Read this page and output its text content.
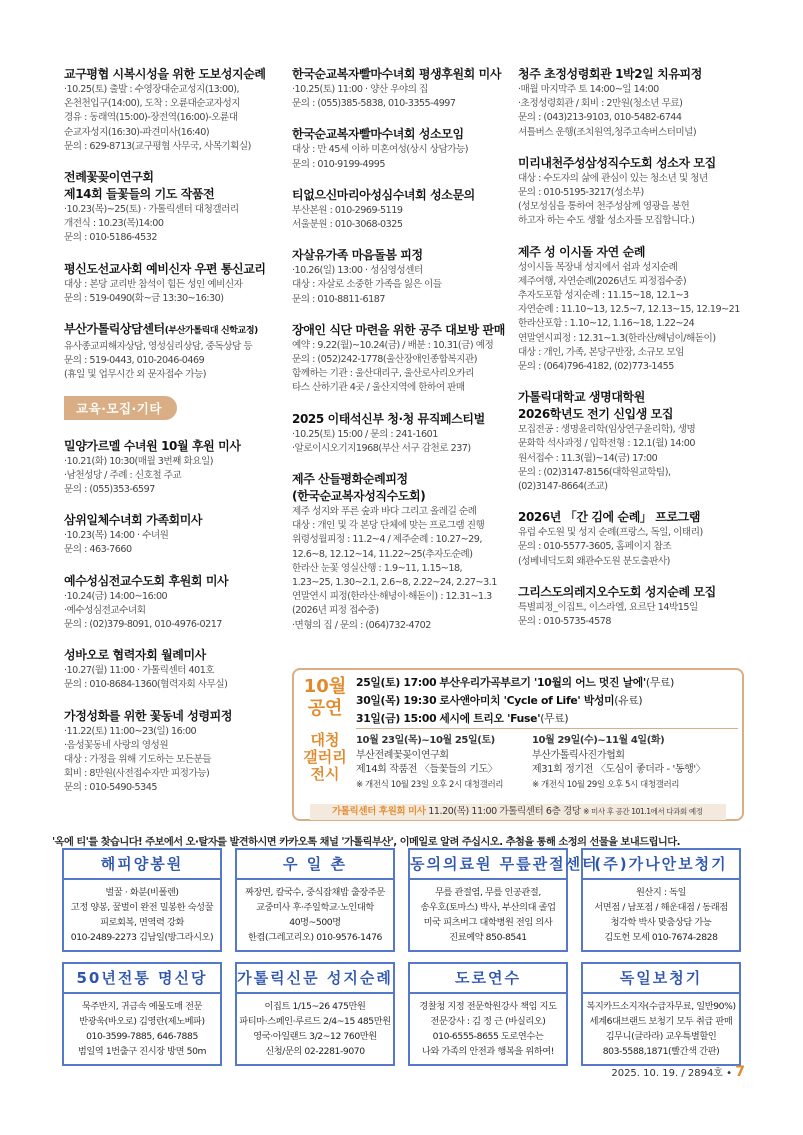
교구평협 시복시성을 위한 도보성지순례
·10.25(토) 출발 : 수영장대순교성지(13:00),
온천천입구(14:00), 도착 : 오륜대순교자성지
경유 : 동래역(15:00)-장전역(16:00)-오륜대
순교자성지(16:30)-파견미사(16:40)
문의 : 629-8713(교구평협 사무국, 사목기획실)
전례꽃꽂이연구회
제14회 들꽃들의 기도 작품전
·10.23(목)~25(토) · 가톨릭센터 대청갤러리
개전식 : 10.23(목)14:00
문의 : 010-5186-4532
평신도선교사회 예비신자 우편 통신교리
대상 : 본당 교리반 참석이 힘든 성인 예비신자
문의 : 519-0490(화~금 13:30~16:30)
부산가톨릭상담센터(부산가톨릭대 신학교정)
유사종교피해자상담, 영성심리상담, 중독상담 등
문의 : 519-0443, 010-2046-0469
(휴일 및 업무시간 외 문자접수 가능)
교육·모집·기타
밀양가르멜 수녀원 10월 후원 미사
·10.21(화) 10:30(매월 3번째 화요일)
·남천성당 / 주례 : 신호철 주교
문의 : (055)353-6597
삼위일체수녀회 가족회미사
·10.23(목) 14:00 · 수녀원
문의 : 463-7660
예수성심전교수도회 후원회 미사
·10.24(금) 14:00~16:00
·예수성심전교수녀회
문의 : (02)379-8091, 010-4976-0217
성바오로 협력자회 월례미사
·10.27(월) 11:00 · 가톨릭센터 401호
문의 : 010-8684-1360(협력자회 사무실)
가정성화를 위한 꽃동네 성령피정
·11.22(토) 11:00~23(일) 16:00
·음성꽃동네 사랑의 영성원
대상 : 가정을 위해 기도하는 모든분들
회비 : 8만원(사전접수자만 피정가능)
문의 : 010-5490-5345
한국순교복자빨마수녀회 평생후원회 미사
·10.25(토) 11:00 · 양산 우야의 집
문의 : (055)385-5838, 010-3355-4997
한국순교복자빨마수녀회 성소모임
대상 : 만 45세 이하 미혼여성(상시 상담가능)
문의 : 010-9199-4995
티없으신마리아성심수녀회 성소문의
부산본원 : 010-2969-5119
서울분원 : 010-3068-0325
자살유가족 마음돌봄 피정
·10.26(일) 13:00 · 성심영성센터
대상 : 자살로 소중한 가족을 잃은 이들
문의 : 010-8811-6187
장애인 식단 마련을 위한 공주 대보방 판매
예약 : 9.22(월)~10.24(금) / 배분 : 10.31(금) 예정
문의 : (052)242-1778(울산장애인종합복지관)
함께하는 기관 : 울산대리구, 울산로사리오카리
타스 산하기관 4곳 / 울산지역에 한하여 판매
2025 이태석신부 청·청 뮤직페스티벌
·10.25(토) 15:00 / 문의 : 241-1601
·알로이시오기지1968(부산 서구 감천로 237)
제주 산들평화순례피정
(한국순교복자성직수도회)
제주 성지와 푸른 숲과 바다 그리고 올레길 순례
대상 : 개인 및 각 본당 단체에 맞는 프로그램 진행
위령성월피정 : 11.2~4 / 제주순례 : 10.27~29,
12.6~8, 12.12~14, 11.22~25(추자도순례)
한라산 눈꽃 영실산행 : 1.9~11, 1.15~18,
1.23~25, 1.30~2.1, 2.6~8, 2.22~24, 2.27~3.1
연말연시 피정(한라산·해녕이·해돋이) : 12.31~1.3
(2026년 피정 접수중)
·면형의 집 / 문의 : (064)732-4702
청주 초정성령회관 1박2일 치유피정
·매월 마지막주 토 14:00~일 14:00
·초정성령회관 / 회비 : 2만원(청소년 무료)
문의 : (043)213-9103, 010-5482-6744
셔틀버스 운행(조치원역,청주고속버스터미널)
미리내천주성삼성직수도회 성소자 모집
대상 : 수도자의 삶에 관심이 있는 청소년 및 청년
문의 : 010-5195-3217(성소부)
(성모성심을 통하여 천주성삼께 영광을 봉헌
하고자 하는 수도 생활 성소자를 모집합니다.)
제주 성 이시돌 자연 순례
성이시돌 목장내 성지에서 쉼과 성지순례
제주여행, 자연순례(2026년도 피정접수중)
추자도포함 성지순례 : 11.15~18, 12.1~3
자연순례 : 11.10~13, 12.5~7, 12.13~15, 12.19~21
한라산포함 : 1.10~12, 1.16~18, 1.22~24
연말연시피정 : 12.31~1.3(한라산/해넘이/해돋이)
대상 : 개인, 가족, 본당구반장, 소규모 모임
문의 : (064)796-4182, (02)773-1455
가톨릭대학교 생명대학원
2026학년도 전기 신입생 모집
모집전공 : 생명윤리학(임상연구윤리학), 생명
문화학 석사과정 / 입학전형 : 12.1(월) 14:00
원서접수 : 11.3(월)~14(금) 17:00
문의 : (02)3147-8156(대학원교학팀),
(02)3147-8664(조교)
2026년 「간 김에 순례」 프로그램
유럽 수도원 및 성지 순례(프랑스, 독일, 이태리)
문의 : 010-5577-3605, 홈페이지 참조
(성베네딕도회 왜관수도원 분도출판사)
그리스도의레지오수도회 성지순례 모집
특별피정_이집트, 이스라엘, 요르단 14박15일
문의 : 010-5735-4578
10월 공연
25일(토) 17:00 부산우리가곡부르기 '10월의 어느 멋진 날에'(무료)
30일(목) 19:30 로사앤아미치 'Cycle of Life' 박성미(유료)
31일(금) 15:00 세시에 트리오 'Fuse'(무료)
대청 갤러리 전시
10월 23일(목)~10월 25일(토)
부산전례꽃꽂이연구회
제14회 작품전 〈들꽃들의 기도〉
※ 개전식 10월 23일 오후 2시 대청갤러리
10월 29일(수)~11월 4일(화)
부산가톨릭사진가협회
제31회 정기전 〈도심이 좋더라 - '동행'〉
※ 개전식 10월 29일 오후 5시 대청갤러리
가톨릭센터 후원회 미사 11.20(목) 11:00 가톨릭센터 6층 경당 ※ 미사 후 공간 101.1에서 다과회 예정
'옥에 티'를 찾습니다! 주보에서 오·탈자를 발견하시면 카카오톡 채널 '가톨릭부산', 이메일로 알려 주십시오. 추첨을 통해 소정의 선물을 보내드립니다.
해피양봉원
벌꿀 · 화분(비폴렌)
고정 양봉, 꿀벌이 완전 밀봉한 숙성꿀
피로회복, 면역력 강화
010-2489-2273 김남일(방그라시오)
우 일 촌
짜장면, 칼국수, 중식잡채밥 출장주문
교중미사 후·주일학교·노인대학
40명~500명
한켬(그레고리오) 010-9576-1476
동의의료원 무릎관절센터
무릎 관절염, 무릎 인공관절,
송우호(토마스) 박사, 부산의대 졸업
미국 피츠버그 대학병원 전임 의사
진료예약 850-8541
(주)가나안보청기
원산지 : 독일
서면점 / 남포점 / 해운대점 / 동래점
청각학 박사 맞춤상담 가능
김도헌 모세 010-7674-2828
50년전통 명신당
묵주반지, 귀금속 예물도매 전문
반광욱(바오로) 김영란(제노베파)
010-3599-7885, 646-7885
범일역 1번출구 진시장 방면 50m
가톨릭신문 성지순례
이집트 1/15~26 475만원
파티마·스페인·루르드 2/4~15 485만원
영국·아일랜드 3/2~12 760만원
신청/문의 02-2281-9070
도로연수
경찰청 지정 전문학원강사 책임 지도
전문강사 : 김 정 근 (바실리오)
010-6555-8655 도로연수는
나와 가족의 안전과 행복을 위하여!
독일보청기
복지카드소지자(수급자무료, 일반90%)
세계6대브랜드 보청기 모두 취급 판매
김무니(글라라) 교우특별할인
803-5588,1871(빨간색 간판)
2025. 10. 19. / 2894호 • 7
